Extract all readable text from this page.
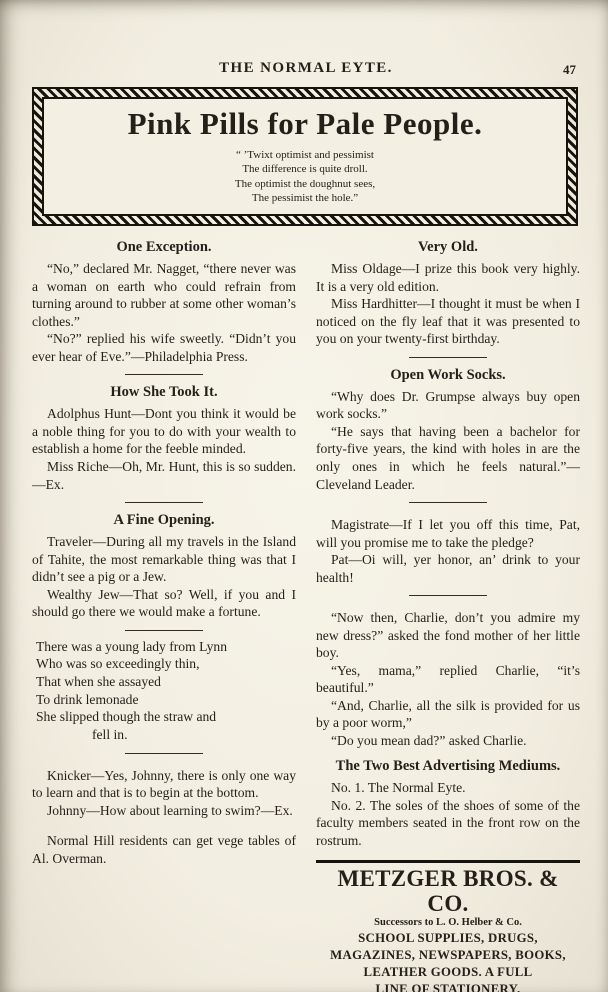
THE NORMAL EYTE.	47
Pink Pills for Pale People.
“ ’Twixt optimist and pessimist
The difference is quite droll.
The optimist the doughnut sees,
The pessimist the hole.”
One Exception.

“No,” declared Mr. Nagget, “there never was a woman on earth who could refrain from turning around to rubber at some other woman’s clothes.”

“No?” replied his wife sweetly. “Didn’t you ever hear of Eve.”—Philadelphia Press.

How She Took It.

Adolphus Hunt—Dont you think it would be a noble thing for you to do with your wealth to establish a home for the feeble minded.

Miss Riche—Oh, Mr. Hunt, this is so sudden.—Ex.

A Fine Opening.

Traveler—During all my travels in the Island of Tahite, the most remarkable thing was that I didn’t see a pig or a Jew.

Wealthy Jew—That so? Well, if you and I should go there we would make a fortune.

There was a young lady from Lynn
Who was so exceedingly thin,
That when she assayed
To drink lemonade
She slipped though the straw and
fell in.

Knicker—Yes, Johnny, there is only one way to learn and that is to begin at the bottom.

Johnny—How about learning to swim?—Ex.

Normal Hill residents can get vege tables of Al. Overman.

Very Old.

Miss Oldage—I prize this book very highly. It is a very old edition.

Miss Hardhitter—I thought it must be when I noticed on the fly leaf that it was presented to you on your twenty-first birthday.

Open Work Socks.

“Why does Dr. Grumpse always buy open work socks.”

“He says that having been a bachelor for forty-five years, the kind with holes in are the only ones in which he feels natural.”—Cleveland Leader.

Magistrate—If I let you off this time, Pat, will you promise me to take the pledge?

Pat—Oi will, yer honor, an’ drink to your health!

“Now then, Charlie, don’t you admire my new dress?” asked the fond mother of her little boy.

“Yes, mama,” replied Charlie, “it’s beautiful.”

“And, Charlie, all the silk is provided for us by a poor worm,”

“Do you mean dad?” asked Charlie.

The Two Best Advertising Mediums.

No. 1. The Normal Eyte.

No. 2. The soles of the shoes of some of the faculty members seated in the front row on the rostrum.

METZGER BROS. & CO.
Successors to L. O. Helber & Co.
SCHOOL SUPPLIES, DRUGS,
MAGAZINES, NEWSPAPERS, BOOKS,
LEATHER GOODS. A FULL
LINE OF STATIONERY.
